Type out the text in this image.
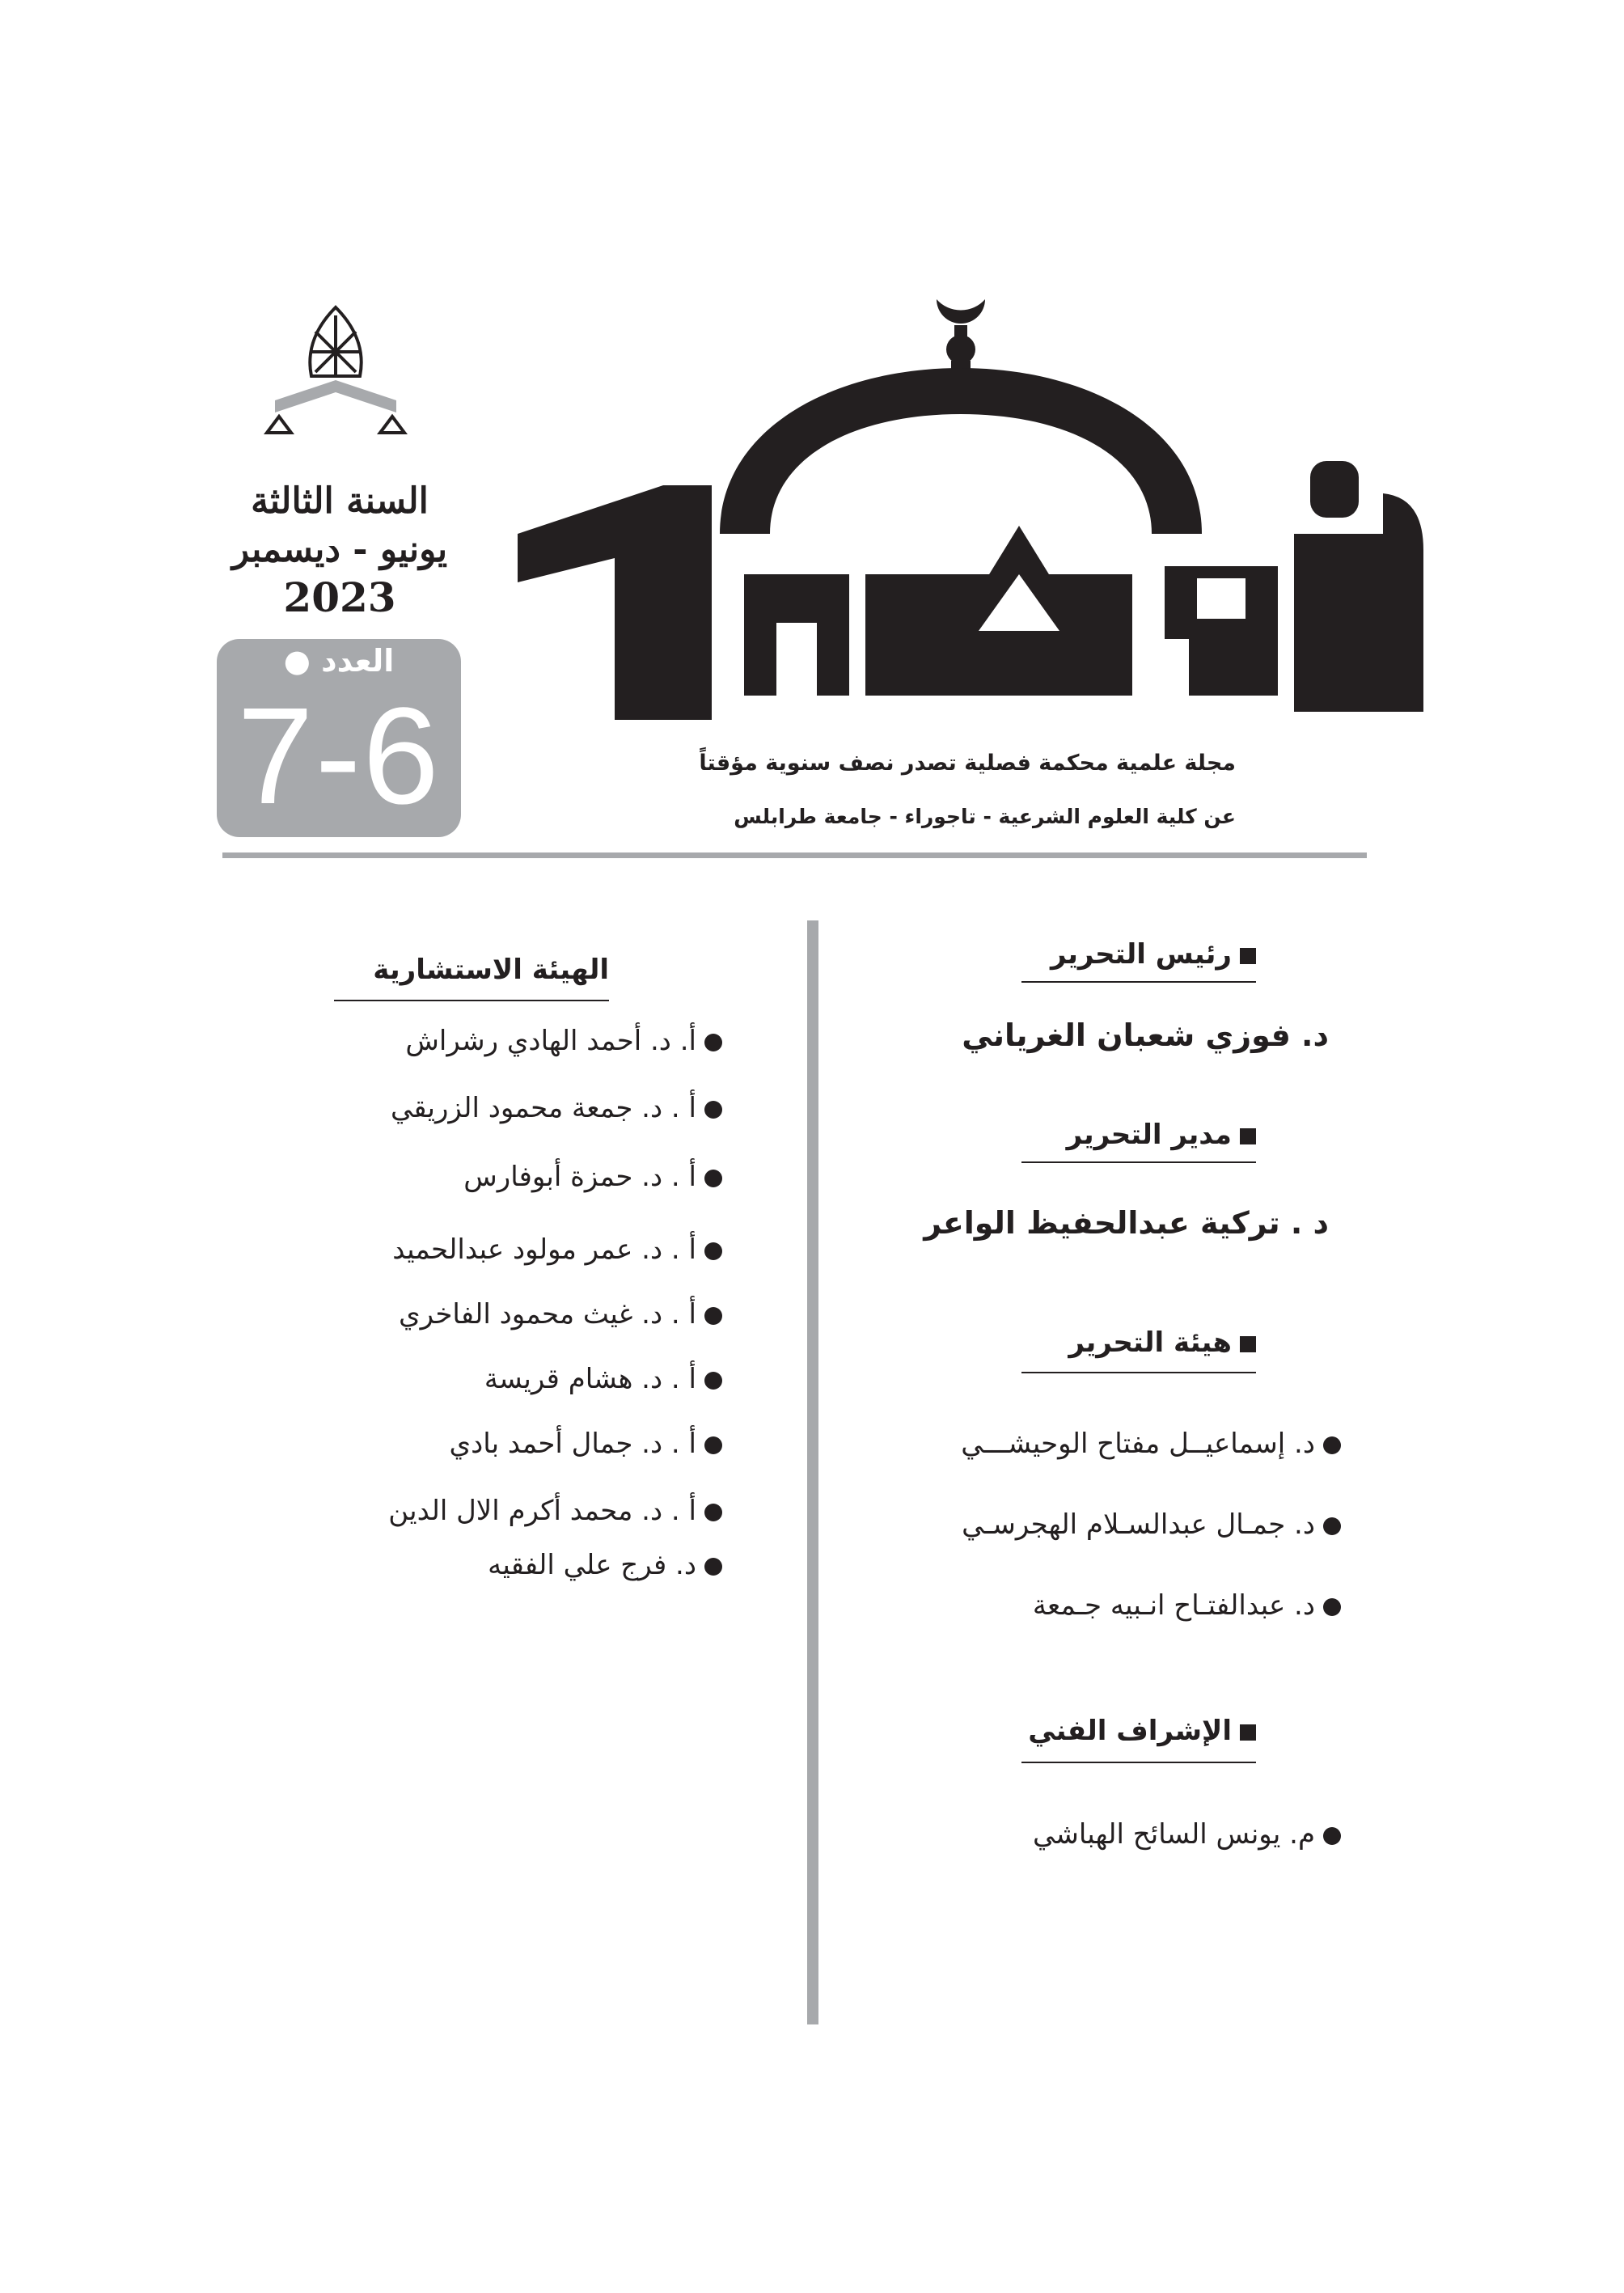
السنة الثالثة
يونيو - ديسمبر
2023
العدد ●
7-6	مجلة علمية محكمة فصلية تصدر نصف سنوية مؤقتاً
عن كلية العلوم الشرعية - تاجوراء - جامعة طرابلس
رئيس التحرير
د. فوزي شعبان الغرياني
مدير التحرير
د . تركية عبدالحفيظ الواعر
هيئة التحرير
د. إسماعيــل مفتاح الوحيشـــي
د. جمـال عبدالسـلام الهجرسـي
د. عبدالفتـاح انـبيه جـمعة
الإشراف الفني
م. يونس السائح الهباشي
الهيئة الاستشارية
أ. د. أحمد الهادي رشراش
أ . د. جمعة محمود الزريقي
أ . د. حمزة أبوفارس
أ . د. عمر مولود عبدالحميد
أ . د. غيث محمود الفاخري
أ . د. هشام قريسة
أ . د. جمال أحمد بادي
أ . د. محمد أكرم الال الدين
د. فرج علي الفقيه
